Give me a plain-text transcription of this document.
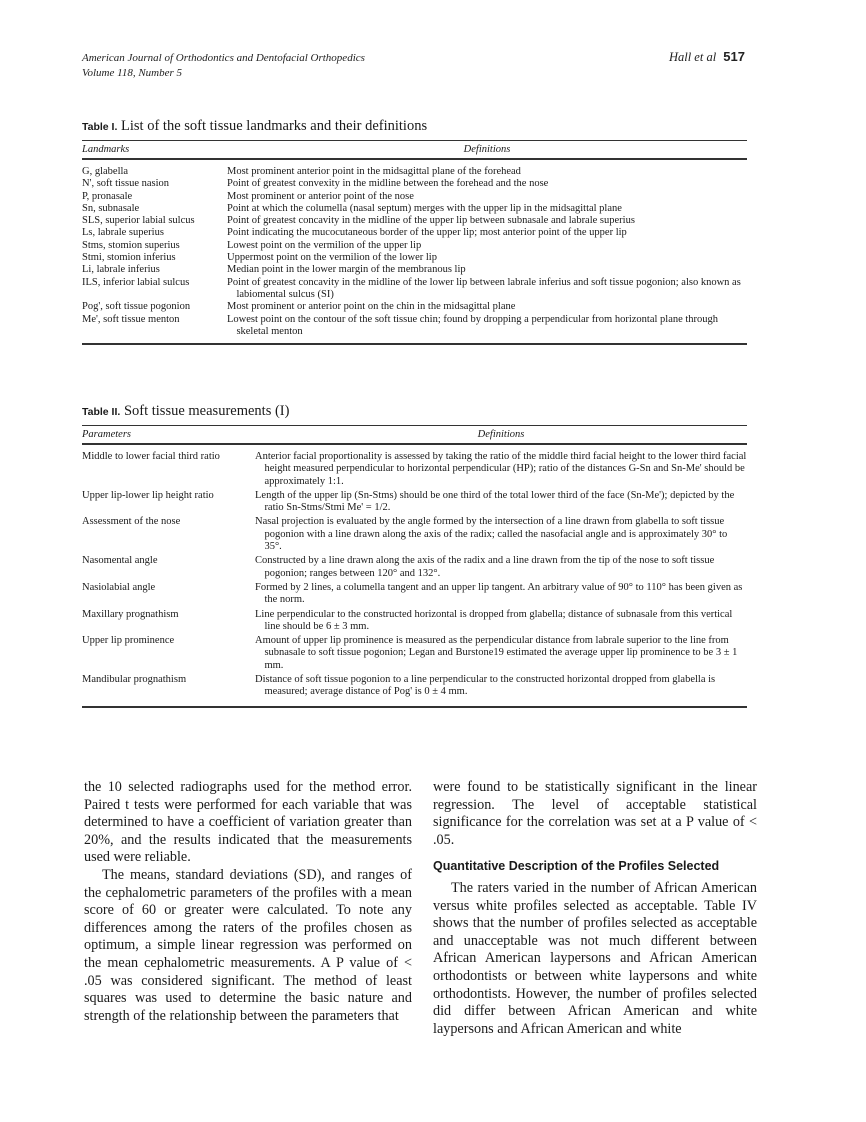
American Journal of Orthodontics and Dentofacial Orthopedics
Volume 118, Number 5
Hall et al 517
Table I. List of the soft tissue landmarks and their definitions
Landmarks	Definitions
G, glabella	Most prominent anterior point in the midsagittal plane of the forehead
N', soft tissue nasion	Point of greatest convexity in the midline between the forehead and the nose
P, pronasale	Most prominent or anterior point of the nose
Sn, subnasale	Point at which the columella (nasal septum) merges with the upper lip in the midsagittal plane
SLS, superior labial sulcus	Point of greatest concavity in the midline of the upper lip between subnasale and labrale superius
Ls, labrale superius	Point indicating the mucocutaneous border of the upper lip; most anterior point of the upper lip
Stms, stomion superius	Lowest point on the vermilion of the upper lip
Stmi, stomion inferius	Uppermost point on the vermilion of the lower lip
Li, labrale inferius	Median point in the lower margin of the membranous lip
ILS, inferior labial sulcus	Point of greatest concavity in the midline of the lower lip between labrale inferius and soft tissue pogonion; also known as labiomental sulcus (SI)
Pog', soft tissue pogonion	Most prominent or anterior point on the chin in the midsagittal plane
Me', soft tissue menton	Lowest point on the contour of the soft tissue chin; found by dropping a perpendicular from horizontal plane through skeletal menton
Table II. Soft tissue measurements (I)
Parameters	Definitions
Middle to lower facial third ratio	Anterior facial proportionality is assessed by taking the ratio of the middle third facial height to the lower third facial height measured perpendicular to horizontal perpendicular (HP); ratio of the distances G-Sn and Sn-Me' should be approximately 1:1.
Upper lip-lower lip height ratio	Length of the upper lip (Sn-Stms) should be one third of the total lower third of the face (Sn-Me'); depicted by the ratio Sn-Stms/Stmi Me' = 1/2.
Assessment of the nose	Nasal projection is evaluated by the angle formed by the intersection of a line drawn from glabella to soft tissue pogonion with a line drawn along the axis of the radix; called the nasofacial angle and is approximately 30° to 35°.
Nasomental angle	Constructed by a line drawn along the axis of the radix and a line drawn from the tip of the nose to soft tissue pogonion; ranges between 120° and 132°.
Nasiolabial angle	Formed by 2 lines, a columella tangent and an upper lip tangent. An arbitrary value of 90° to 110° has been given as the norm.
Maxillary prognathism	Line perpendicular to the constructed horizontal is dropped from glabella; distance of subnasale from this vertical line should be 6 ± 3 mm.
Upper lip prominence	Amount of upper lip prominence is measured as the perpendicular distance from labrale superior to the line from subnasale to soft tissue pogonion; Legan and Burstone19 estimated the average upper lip prominence to be 3 ± 1 mm.
Mandibular prognathism	Distance of soft tissue pogonion to a line perpendicular to the constructed horizontal dropped from glabella is measured; average distance of Pog' is 0 ± 4 mm.

the 10 selected radiographs used for the method error. Paired t tests were performed for each variable that was determined to have a coefficient of variation greater than 20%, and the results indicated that the measurements used were reliable.

The means, standard deviations (SD), and ranges of the cephalometric parameters of the profiles with a mean score of 60 or greater were calculated. To note any differences among the raters of the profiles chosen as optimum, a simple linear regression was performed on the mean cephalometric measurements. A P value of < .05 was considered significant. The method of least squares was used to determine the basic nature and strength of the relationship between the parameters that

were found to be statistically significant in the linear regression. The level of acceptable statistical significance for the correlation was set at a P value of < .05.

Quantitative Description of the Profiles Selected

The raters varied in the number of African American versus white profiles selected as acceptable. Table IV shows that the number of profiles selected as acceptable and unacceptable was not much different between African American laypersons and African American orthodontists or between white laypersons and white orthodontists. However, the number of profiles selected did differ between African American and white laypersons and African American and white
